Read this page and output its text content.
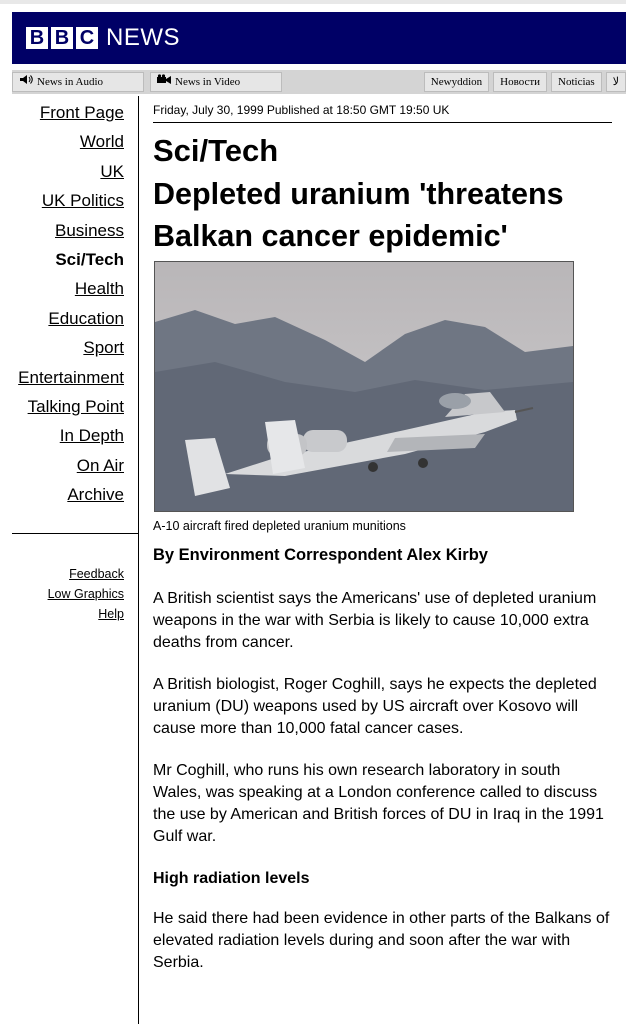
B B C NEWS
News in Audio	News in Video	Newyddion	Новости	Noticias	لا
Front Page
World
UK
UK Politics
Business
Sci/Tech
Health
Education
Sport
Entertainment
Talking Point
In Depth
On Air
Archive
Feedback
Low Graphics
Help
Friday, July 30, 1999 Published at 18:50 GMT 19:50 UK
Sci/Tech
Depleted uranium 'threatens
Balkan cancer epidemic'
A-10 aircraft fired depleted uranium munitions
By Environment Correspondent Alex Kirby

A British scientist says the Americans' use of depleted uranium weapons in the war with Serbia is likely to cause 10,000 extra deaths from cancer.

A British biologist, Roger Coghill, says he expects the depleted uranium (DU) weapons used by US aircraft over Kosovo will cause more than 10,000 fatal cancer cases.

Mr Coghill, who runs his own research laboratory in south Wales, was speaking at a London conference called to discuss the use by American and British forces of DU in Iraq in the 1991 Gulf war.

High radiation levels

He said there had been evidence in other parts of the Balkans of elevated radiation levels during and soon after the war with Serbia.
